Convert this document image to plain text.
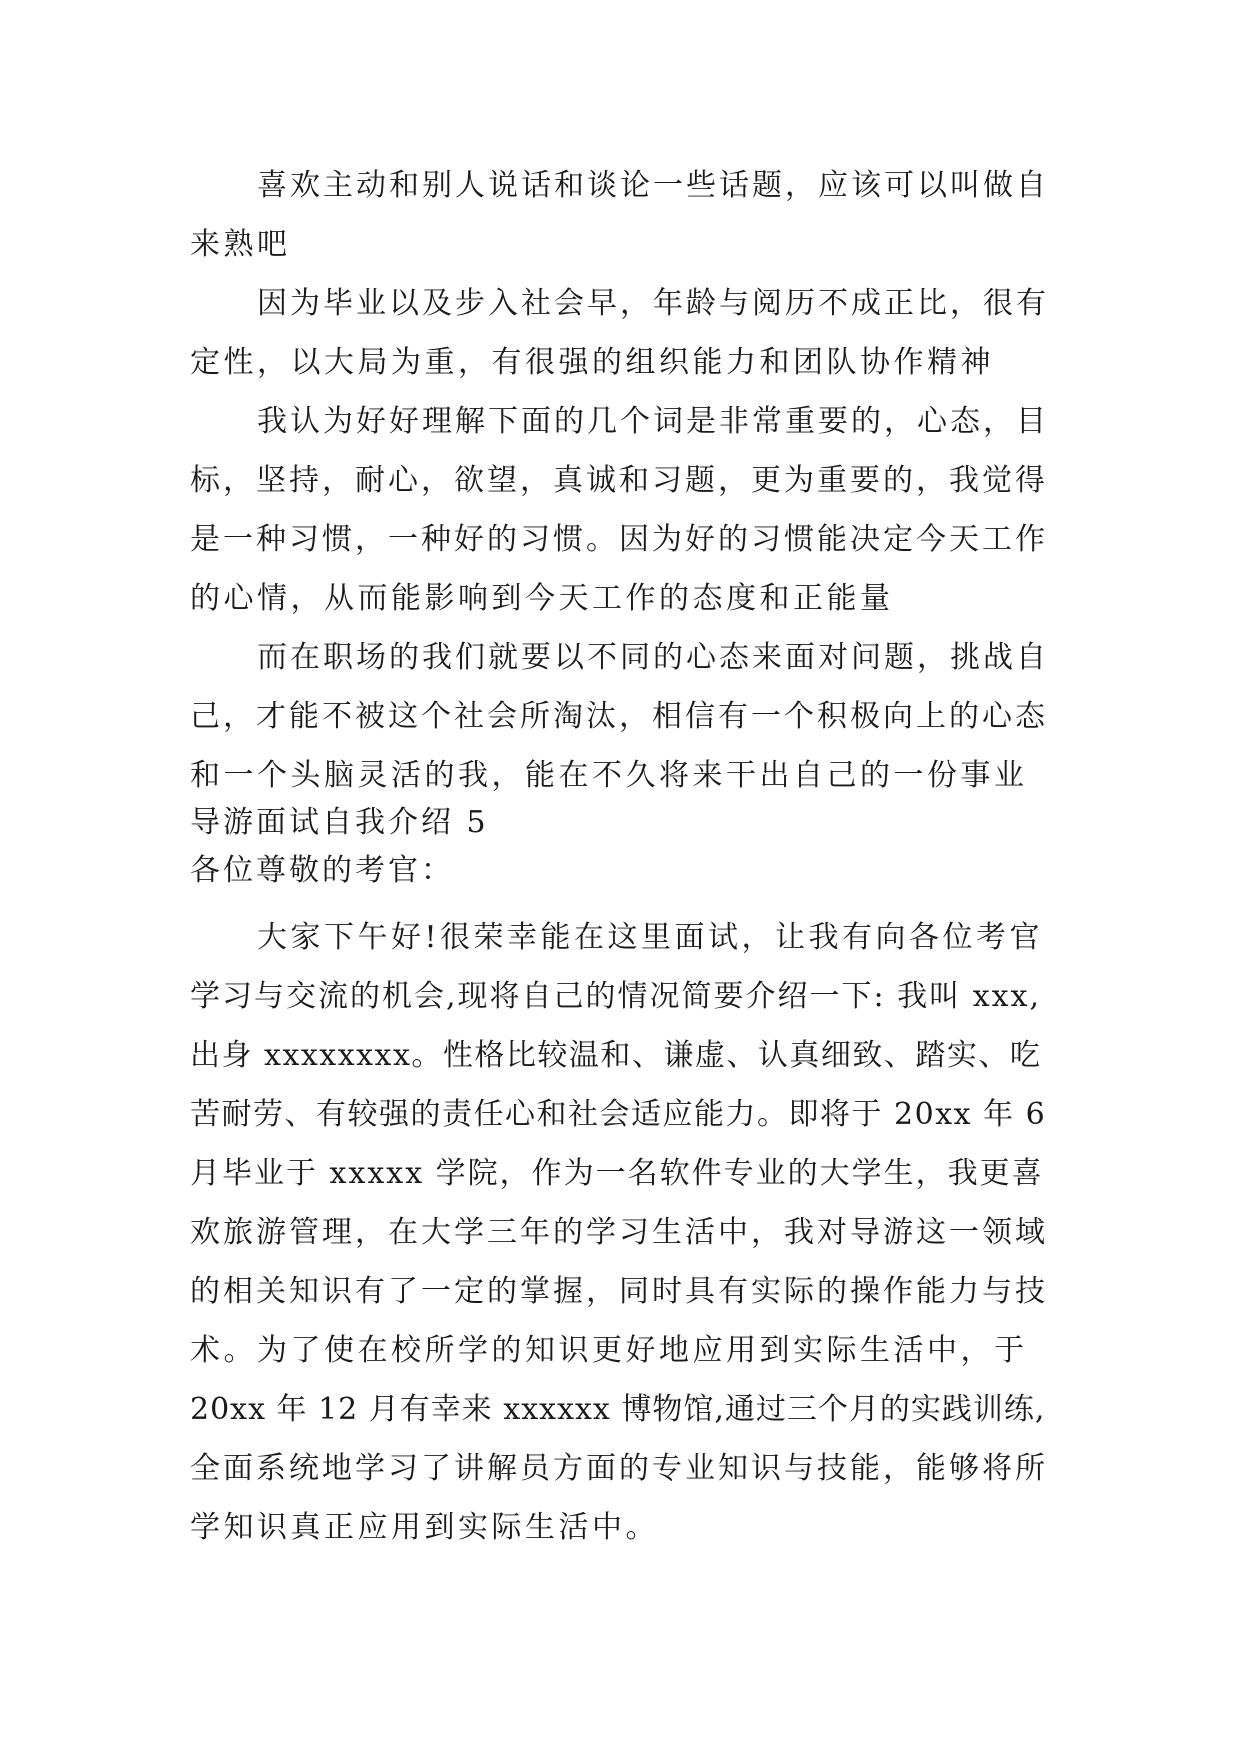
喜欢主动和别人说话和谈论一些话题，应该可以叫做自
来熟吧
因为毕业以及步入社会早，年龄与阅历不成正比，很有
定性，以大局为重，有很强的组织能力和团队协作精神
我认为好好理解下面的几个词是非常重要的，心态，目
标，坚持，耐心，欲望，真诚和习题，更为重要的，我觉得
是一种习惯，一种好的习惯。因为好的习惯能决定今天工作
的心情，从而能影响到今天工作的态度和正能量
而在职场的我们就要以不同的心态来面对问题，挑战自
己，才能不被这个社会所淘汰，相信有一个积极向上的心态
和一个头脑灵活的我，能在不久将来干出自己的一份事业
导游面试自我介绍 5
各位尊敬的考官：
大家下午好!很荣幸能在这里面试，让我有向各位考官
学习与交流的机会,现将自己的情况简要介绍一下: 我叫 xxx,
出身 xxxxxxxx。性格比较温和、谦虚、认真细致、踏实、吃
苦耐劳、有较强的责任心和社会适应能力。即将于 20xx 年 6
月毕业于 xxxxx 学院，作为一名软件专业的大学生，我更喜
欢旅游管理，在大学三年的学习生活中，我对导游这一领域
的相关知识有了一定的掌握，同时具有实际的操作能力与技
术。为了使在校所学的知识更好地应用到实际生活中，于
20xx 年 12 月有幸来 xxxxxx 博物馆,通过三个月的实践训练,
全面系统地学习了讲解员方面的专业知识与技能，能够将所
学知识真正应用到实际生活中。
